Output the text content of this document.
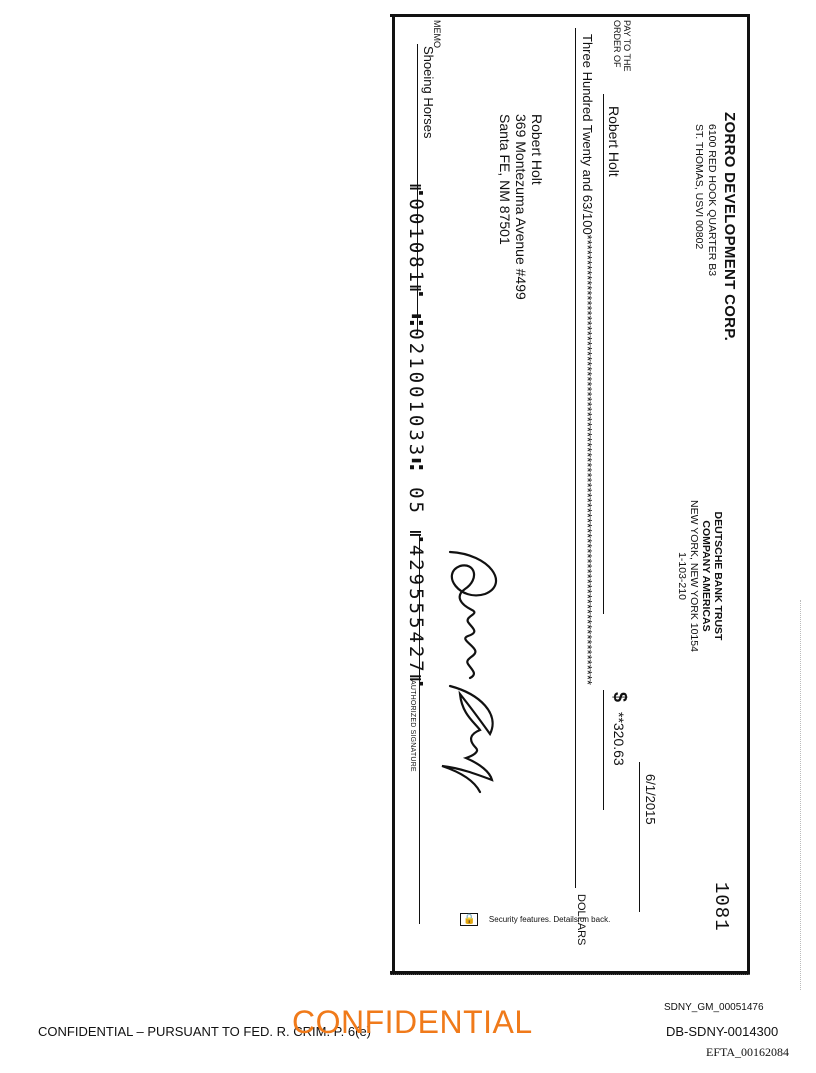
ZORRO DEVELOPMENT CORP.
6100 RED HOOK QUARTER B3
ST. THOMAS, USVI 00802
DEUTSCHE BANK TRUST
COMPANY AMERICAS
NEW YORK, NEW YORK 10154
1-103-210
1081
6/1/2015
PAY TO THE
ORDER OF
Robert Holt
$
**320.63
Three Hundred Twenty and 63/100*****************************************************************************************
DOLLARS
Robert Holt
369 Montezuma Avenue #499
Santa FE, NM 87501
MEMO
Shoeing Horses
AUTHORIZED SIGNATURE
⑈001081⑈ ⑆021001033⑆ 05 ⑈429555427⑈
🔒 Security features. Details on back.
CONFIDENTIAL – PURSUANT TO FED. R. CRIM. P. 6(e)
CONFIDENTIAL	SDNY_GM_00051476
DB-SDNY-0014300
EFTA_00162084
